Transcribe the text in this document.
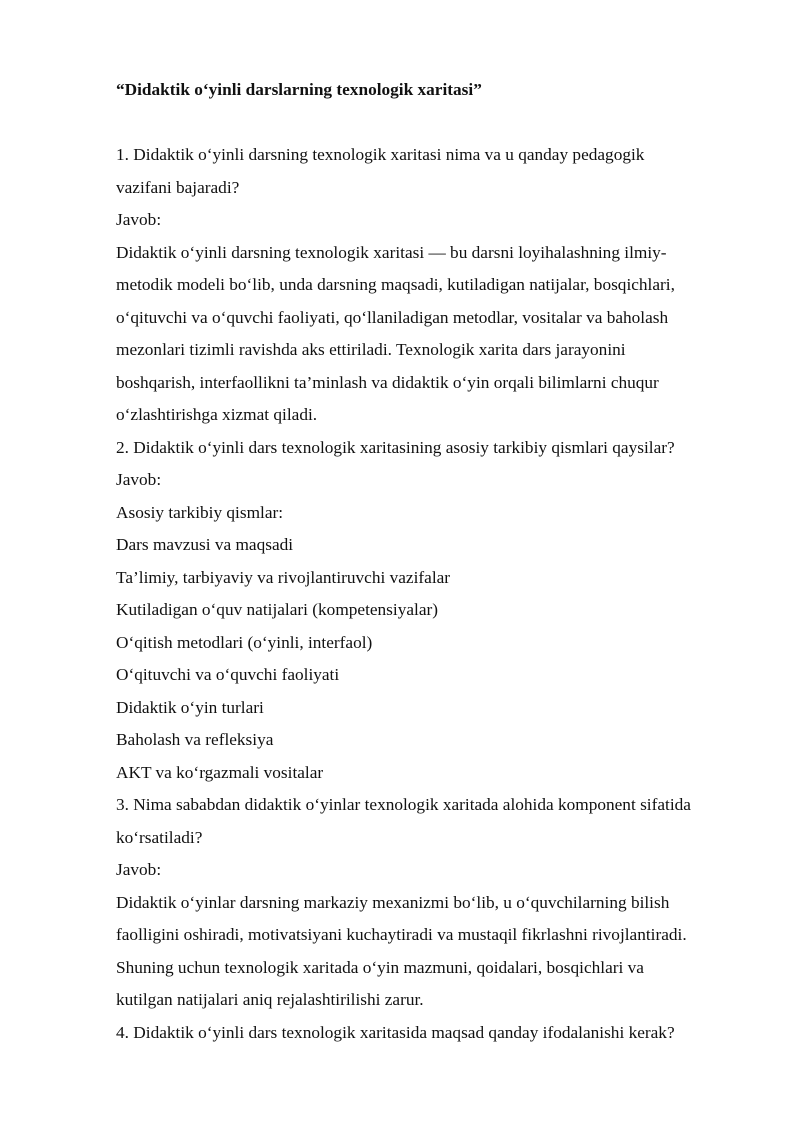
“Didaktik o‘yinli darslarning texnologik xaritasi”

1. Didaktik o‘yinli darsning texnologik xaritasi nima va u qanday pedagogik

vazifani bajaradi?

Javob:

Didaktik o‘yinli darsning texnologik xaritasi — bu darsni loyihalashning ilmiy-

metodik modeli bo‘lib, unda darsning maqsadi, kutiladigan natijalar, bosqichlari,

o‘qituvchi va o‘quvchi faoliyati, qo‘llaniladigan metodlar, vositalar va baholash

mezonlari tizimli ravishda aks ettiriladi. Texnologik xarita dars jarayonini

boshqarish, interfaollikni ta’minlash va didaktik o‘yin orqali bilimlarni chuqur

o‘zlashtirishga xizmat qiladi.

2. Didaktik o‘yinli dars texnologik xaritasining asosiy tarkibiy qismlari qaysilar?

Javob:

Asosiy tarkibiy qismlar:

Dars mavzusi va maqsadi

Ta’limiy, tarbiyaviy va rivojlantiruvchi vazifalar

Kutiladigan o‘quv natijalari (kompetensiyalar)

O‘qitish metodlari (o‘yinli, interfaol)

O‘qituvchi va o‘quvchi faoliyati

Didaktik o‘yin turlari

Baholash va refleksiya

AKT va ko‘rgazmali vositalar

3. Nima sababdan didaktik o‘yinlar texnologik xaritada alohida komponent sifatida

ko‘rsatiladi?

Javob:

Didaktik o‘yinlar darsning markaziy mexanizmi bo‘lib, u o‘quvchilarning bilish

faolligini oshiradi, motivatsiyani kuchaytiradi va mustaqil fikrlashni rivojlantiradi.

Shuning uchun texnologik xaritada o‘yin mazmuni, qoidalari, bosqichlari va

kutilgan natijalari aniq rejalashtirilishi zarur.

4. Didaktik o‘yinli dars texnologik xaritasida maqsad qanday ifodalanishi kerak?
